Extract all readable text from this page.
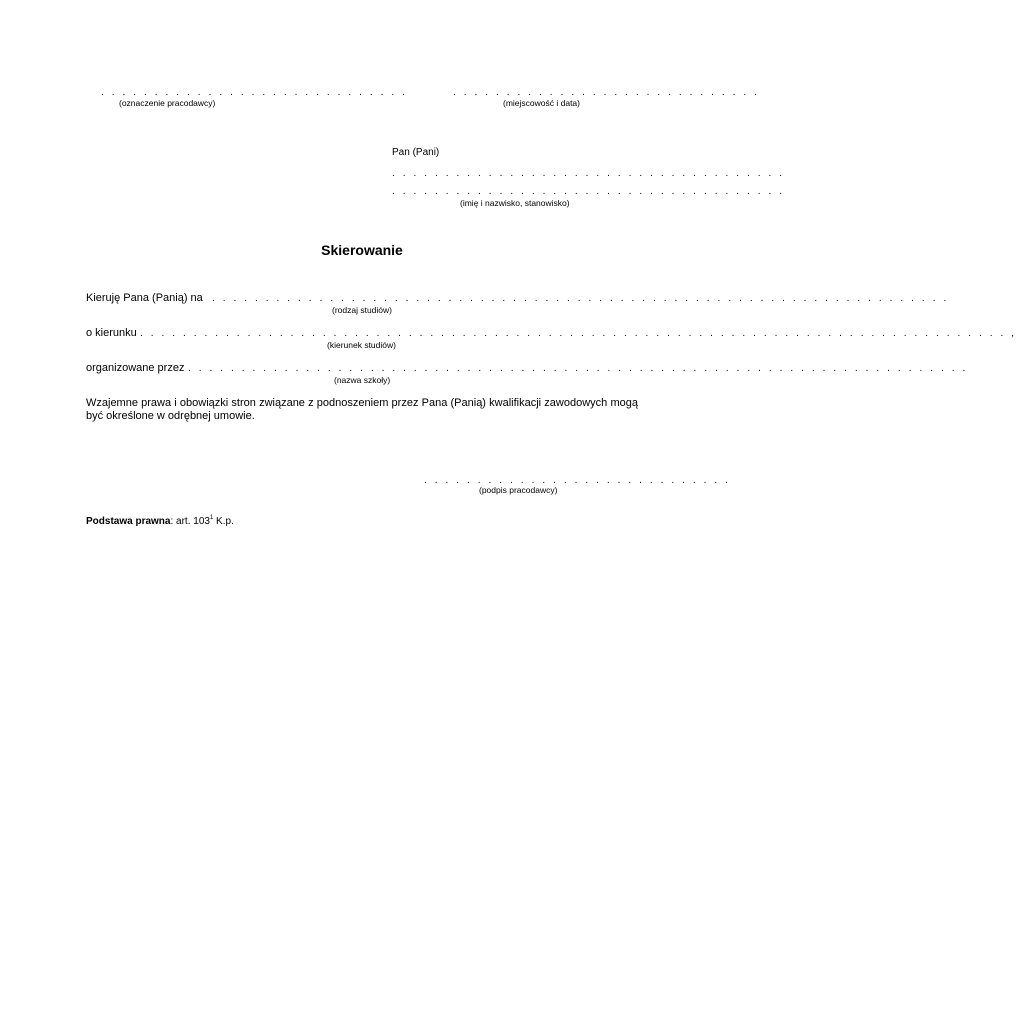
. . . . . . . . . . . . . . . . . . . . . . . . . . . . .
(oznaczenie pracodawcy)
. . . . . . . . . . . . . . . . . . . . . . . . . . . . .
(miejscowość i data)
Pan (Pani)
. . . . . . . . . . . . . . . . . . . . . . . . . . . . . . . . . . . . .
. . . . . . . . . . . . . . . . . . . . . . . . . . . . . . . . . . . . .
(imię i nazwisko, stanowisko)
Skierowanie
Kieruję Pana (Panią) na . . . . . . . . . . . . . . . . . . . . . . . . . . . . . . . . . . . . . . . . . . . . . . . . . . . . . . . . . . . . . . . . . . . . .
(rodzaj studiów)
o kierunku . . . . . . . . . . . . . . . . . . . . . . . . . . . . . . . . . . . . . . . . . . . . . . . . . . . . . . . . . . . . . . . . . . . . . . . . . . . . . . . . . ,
(kierunek studiów)
organizowane przez . . . . . . . . . . . . . . . . . . . . . . . . . . . . . . . . . . . . . . . . . . . . . . . . . . . . . . . . . . . . . . . . . . . . . . . . .
(nazwa szkoły)
Wzajemne prawa i obowiązki stron związane z podnoszeniem przez Pana (Panią) kwalifikacji zawodowych mogą być określone w odrębnej umowie.
. . . . . . . . . . . . . . . . . . . . . . . . . . . . .
(podpis pracodawcy)
Podstawa prawna: art. $103^1$ K.p.
